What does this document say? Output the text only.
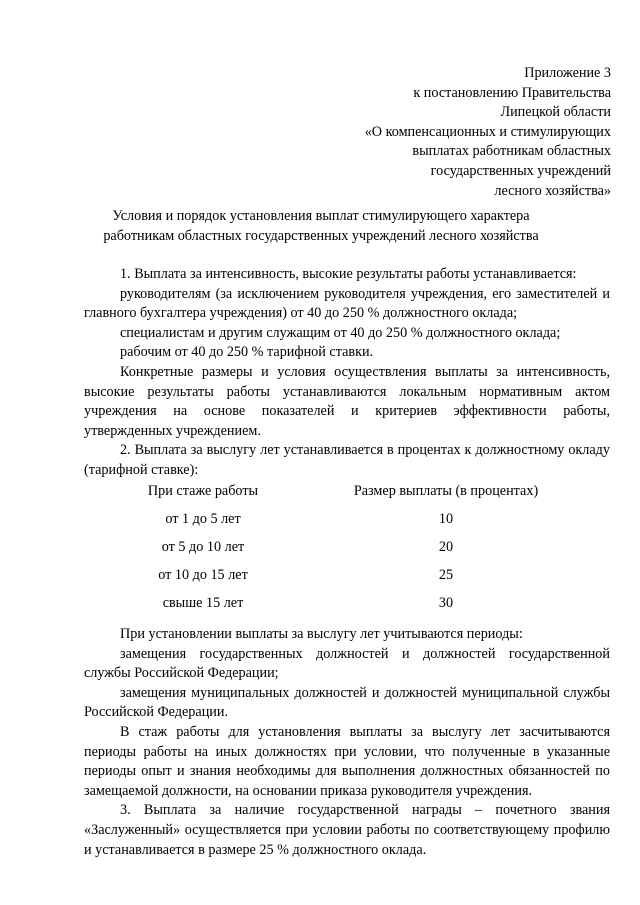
Приложение 3
к постановлению Правительства
Липецкой области
«О компенсационных и стимулирующих
выплатах работникам областных
государственных учреждений
лесного хозяйства»
Условия и порядок установления выплат стимулирующего характера
работникам областных государственных учреждений лесного хозяйства

1. Выплата за интенсивность, высокие результаты работы устанавливается:

руководителям (за исключением руководителя учреждения, его заместителей и главного бухгалтера учреждения) от 40 до 250 % должностного оклада;

специалистам и другим служащим от 40 до 250 % должностного оклада;

рабочим от 40 до 250 % тарифной ставки.

Конкретные размеры и условия осуществления выплаты за интенсивность, высокие результаты работы устанавливаются локальным нормативным актом учреждения на основе показателей и критериев эффективности работы, утвержденных учреждением.

2. Выплата за выслугу лет устанавливается в процентах к должностному окладу (тарифной ставке):

При стаже работы	Размер выплаты (в процентах)
от 1 до 5 лет	10
от 5 до 10 лет	20
от 10 до 15 лет	25
свыше 15 лет	30

При установлении выплаты за выслугу лет учитываются периоды:

замещения государственных должностей и должностей государственной службы Российской Федерации;

замещения муниципальных должностей и должностей муниципальной службы Российской Федерации.

В стаж работы для установления выплаты за выслугу лет засчитываются периоды работы на иных должностях при условии, что полученные в указанные периоды опыт и знания необходимы для выполнения должностных обязанностей по замещаемой должности, на основании приказа руководителя учреждения.

3. Выплата за наличие государственной награды – почетного звания «Заслуженный» осуществляется при условии работы по соответствующему профилю и устанавливается в размере 25 % должностного оклада.
